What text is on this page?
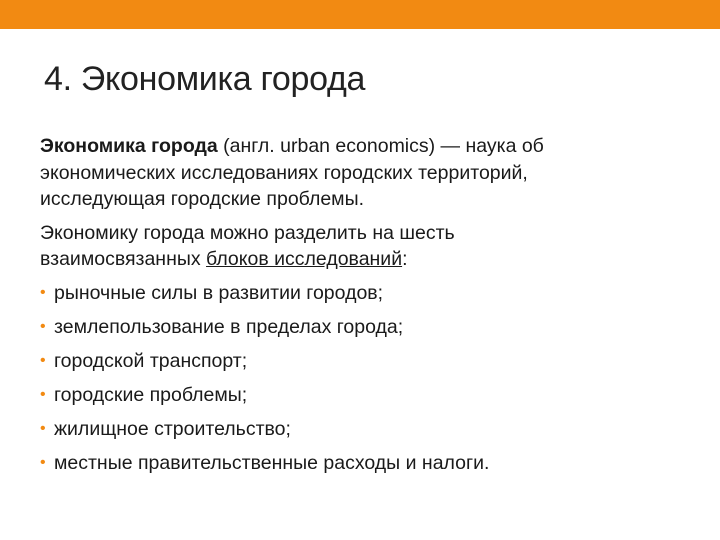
4. Экономика города

Экономика города (англ. urban economics) — наука об
экономических исследованиях городских территорий,
исследующая городские проблемы.

Экономику города можно разделить на шесть
взаимосвязанных блоков исследований:

• рыночные силы в развитии городов;
• землепользование в пределах города;
• городской транспорт;
• городские проблемы;
• жилищное строительство;
• местные правительственные расходы и налоги.
